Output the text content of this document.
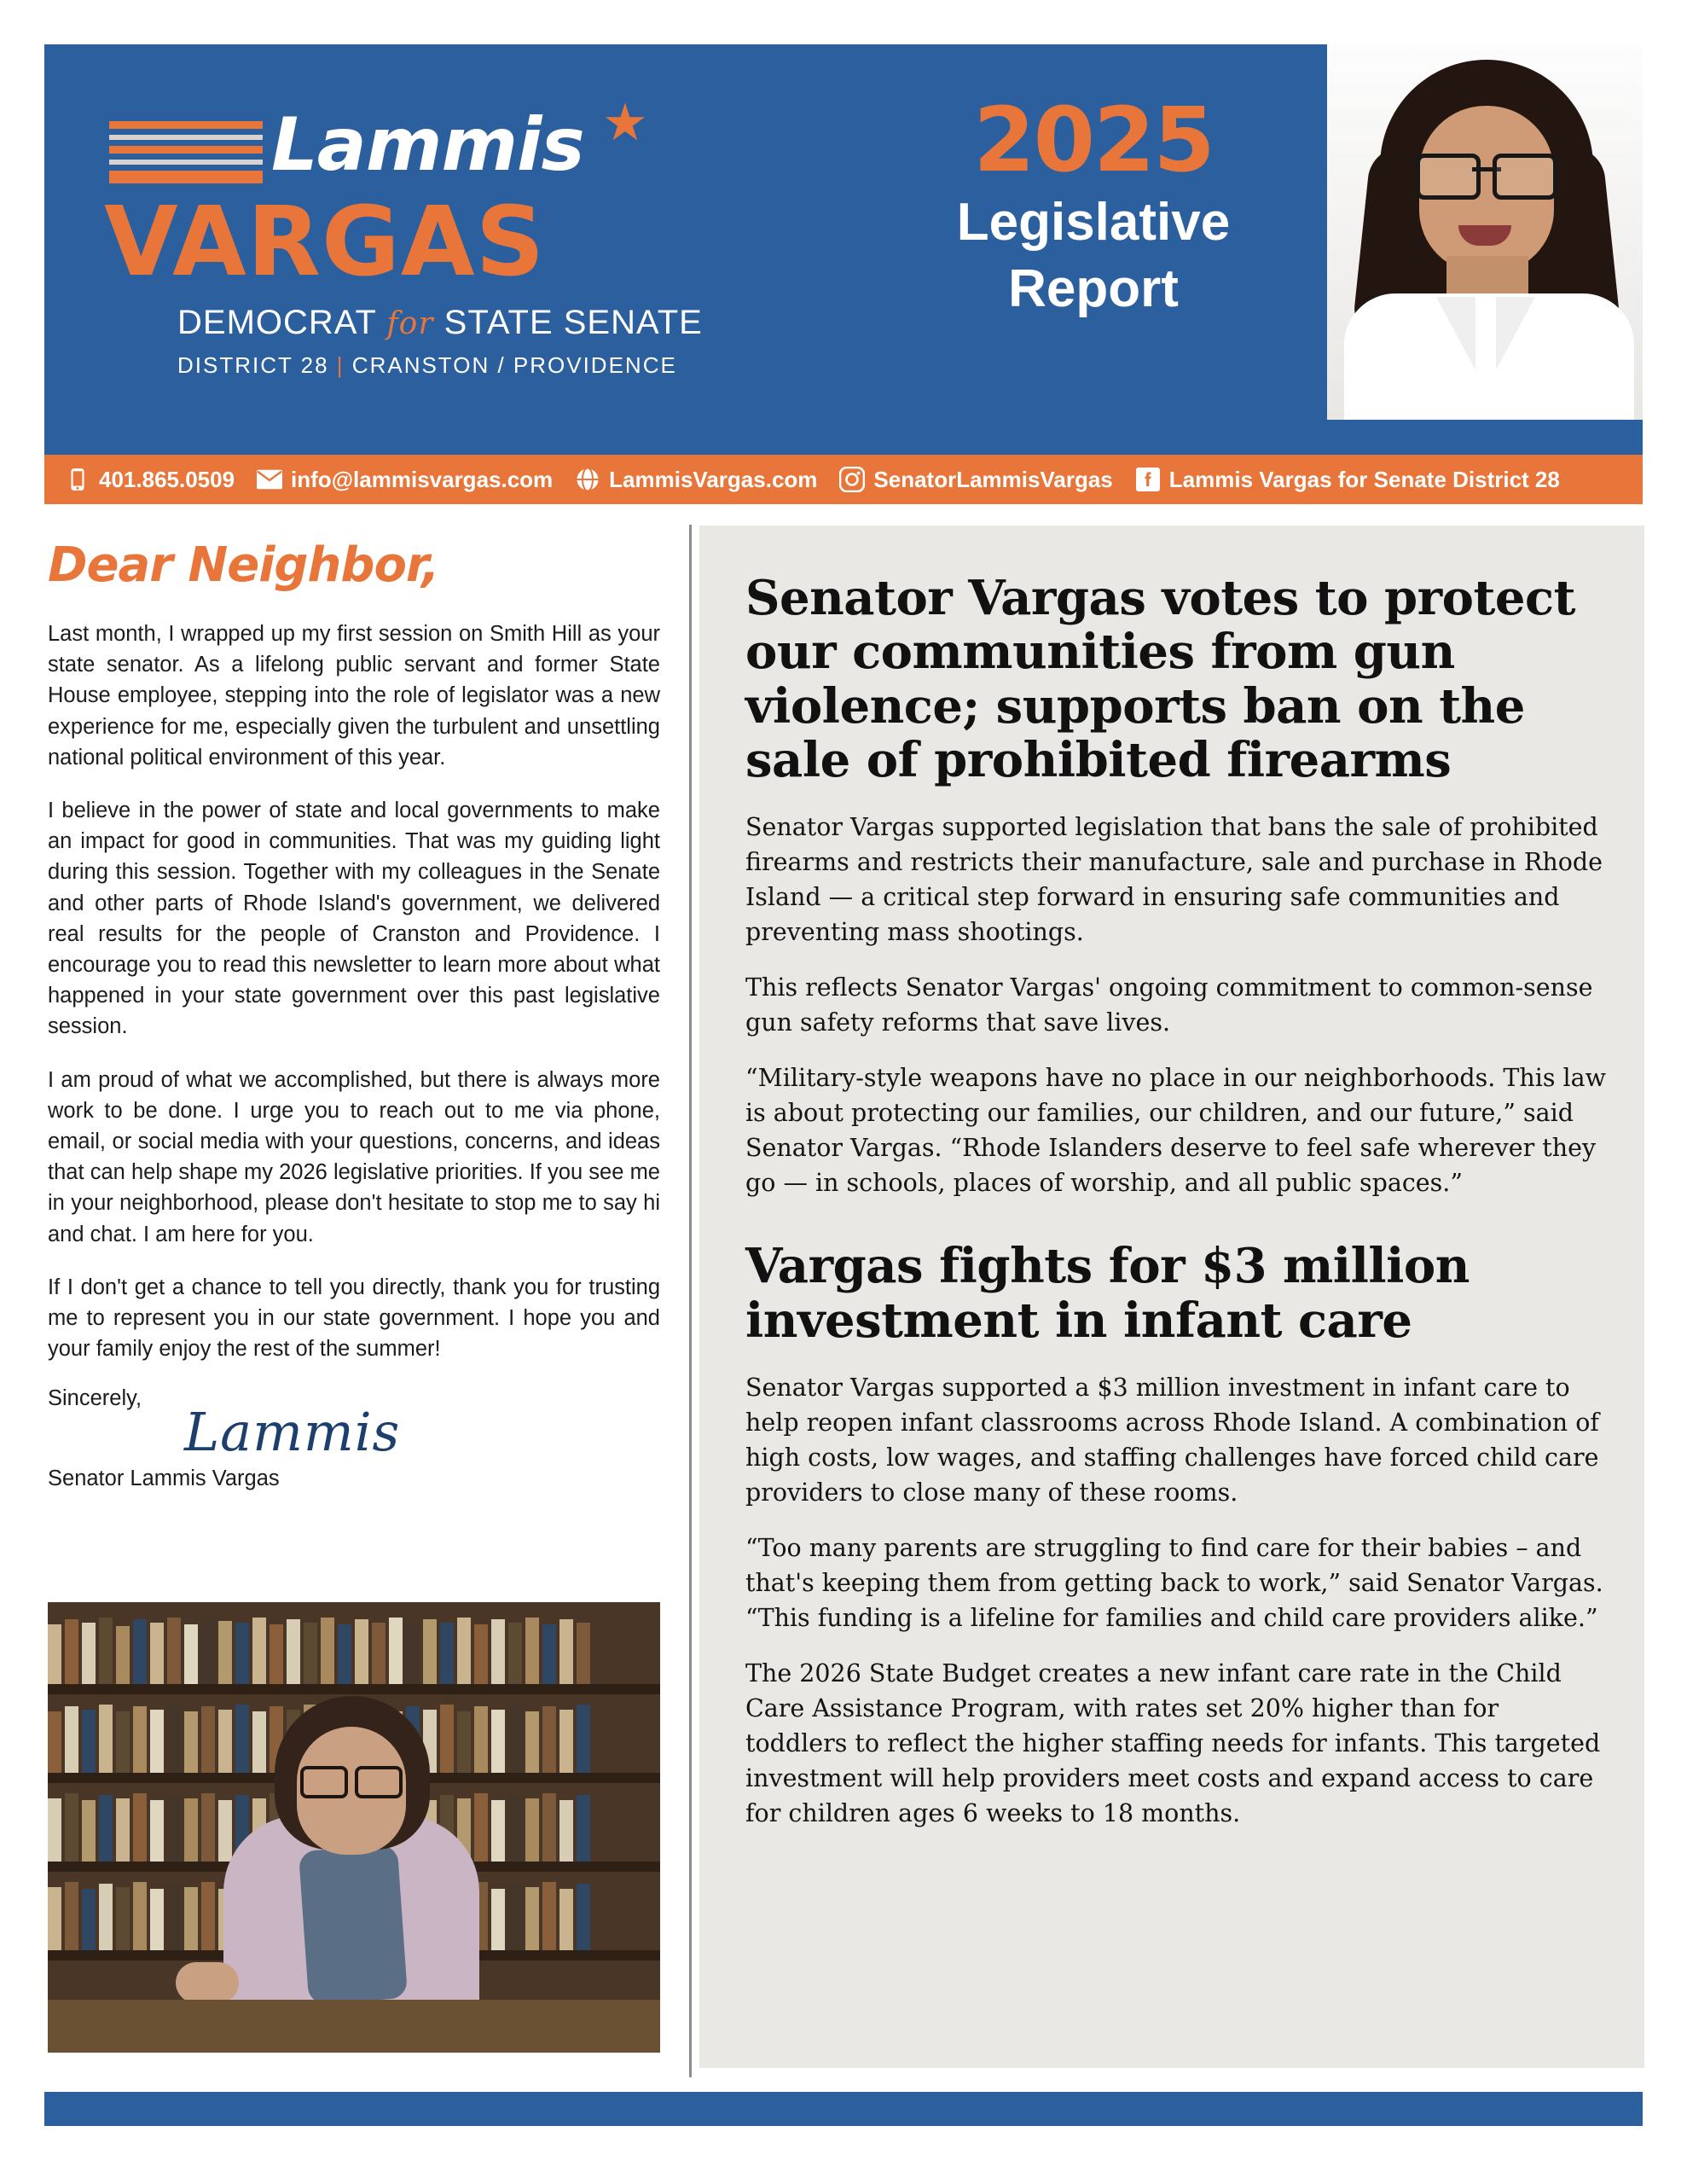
Lammis ★
VARGAS
DEMOCRAT for STATE SENATE
DISTRICT 28 | CRANSTON / PROVIDENCE
2025
Legislative
Report
401.865.0509	info@lammisvargas.com	LammisVargas.com	SenatorLammisVargas	Lammis Vargas for Senate District 28
Dear Neighbor,

Last month, I wrapped up my first session on Smith Hill as your state senator. As a lifelong public servant and former State House employee, stepping into the role of legislator was a new experience for me, especially given the turbulent and unsettling national political environment of this year.

I believe in the power of state and local governments to make an impact for good in communities. That was my guiding light during this session. Together with my colleagues in the Senate and other parts of Rhode Island's government, we delivered real results for the people of Cranston and Providence. I encourage you to read this newsletter to learn more about what happened in your state government over this past legislative session.

I am proud of what we accomplished, but there is always more work to be done. I urge you to reach out to me via phone, email, or social media with your questions, concerns, and ideas that can help shape my 2026 legislative priorities. If you see me in your neighborhood, please don't hesitate to stop me to say hi and chat. I am here for you.

If I don't get a chance to tell you directly, thank you for trusting me to represent you in our state government. I hope you and your family enjoy the rest of the summer!

Sincerely,

Lammis

Senator Lammis Vargas

Senator Vargas votes to protect our communities from gun violence; supports ban on the sale of prohibited firearms

Senator Vargas supported legislation that bans the sale of prohibited firearms and restricts their manufacture, sale and purchase in Rhode Island — a critical step forward in ensuring safe communities and preventing mass shootings.

This reflects Senator Vargas' ongoing commitment to common-sense gun safety reforms that save lives.

“Military-style weapons have no place in our neighborhoods. This law is about protecting our families, our children, and our future,” said Senator Vargas. “Rhode Islanders deserve to feel safe wherever they go — in schools, places of worship, and all public spaces.”

Vargas fights for $3 million investment in infant care

Senator Vargas supported a $3 million investment in infant care to help reopen infant classrooms across Rhode Island. A combination of high costs, low wages, and staffing challenges have forced child care providers to close many of these rooms.

“Too many parents are struggling to find care for their babies – and that's keeping them from getting back to work,” said Senator Vargas. “This funding is a lifeline for families and child care providers alike.”

The 2026 State Budget creates a new infant care rate in the Child Care Assistance Program, with rates set 20% higher than for toddlers to reflect the higher staffing needs for infants. This targeted investment will help providers meet costs and expand access to care for children ages 6 weeks to 18 months.
